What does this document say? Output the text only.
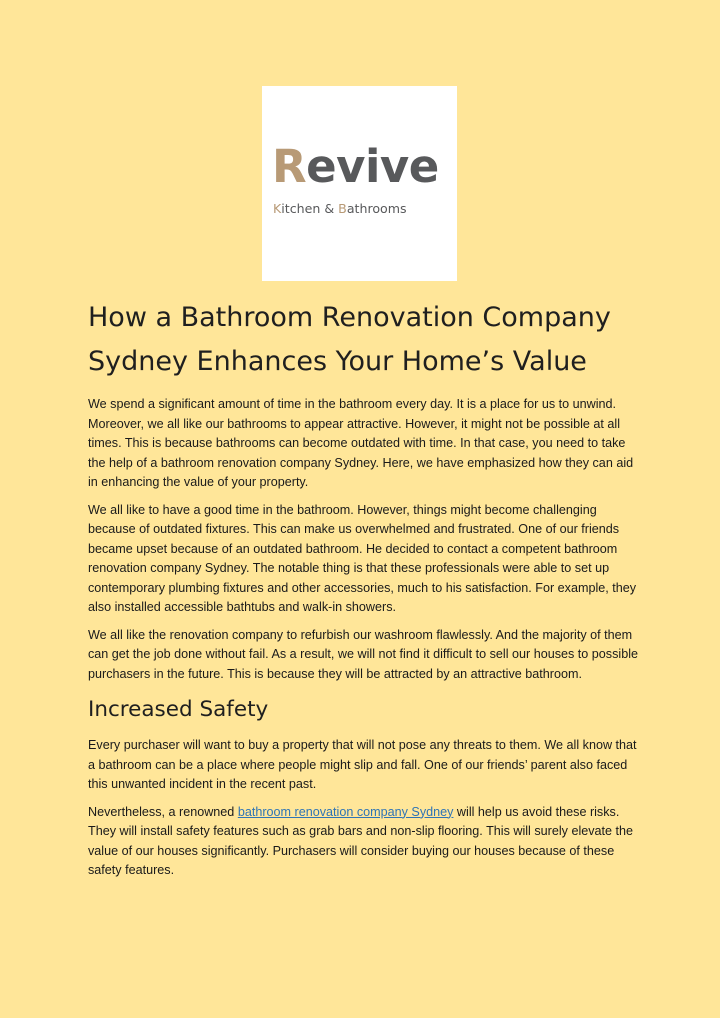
Revive
Kitchen & Bathrooms
How a Bathroom Renovation Company Sydney Enhances Your Home’s Value

We spend a significant amount of time in the bathroom every day. It is a place for us to unwind. Moreover, we all like our bathrooms to appear attractive. However, it might not be possible at all times. This is because bathrooms can become outdated with time. In that case, you need to take the help of a bathroom renovation company Sydney. Here, we have emphasized how they can aid in enhancing the value of your property.

We all like to have a good time in the bathroom. However, things might become challenging because of outdated fixtures. This can make us overwhelmed and frustrated. One of our friends became upset because of an outdated bathroom. He decided to contact a competent bathroom renovation company Sydney. The notable thing is that these professionals were able to set up contemporary plumbing fixtures and other accessories, much to his satisfaction. For example, they also installed accessible bathtubs and walk-in showers.

We all like the renovation company to refurbish our washroom flawlessly. And the majority of them can get the job done without fail. As a result, we will not find it difficult to sell our houses to possible purchasers in the future. This is because they will be attracted by an attractive bathroom.

Increased Safety

Every purchaser will want to buy a property that will not pose any threats to them. We all know that a bathroom can be a place where people might slip and fall. One of our friends’ parent also faced this unwanted incident in the recent past.

Nevertheless, a renowned bathroom renovation company Sydney will help us avoid these risks. They will install safety features such as grab bars and non-slip flooring. This will surely elevate the value of our houses significantly. Purchasers will consider buying our houses because of these safety features.
